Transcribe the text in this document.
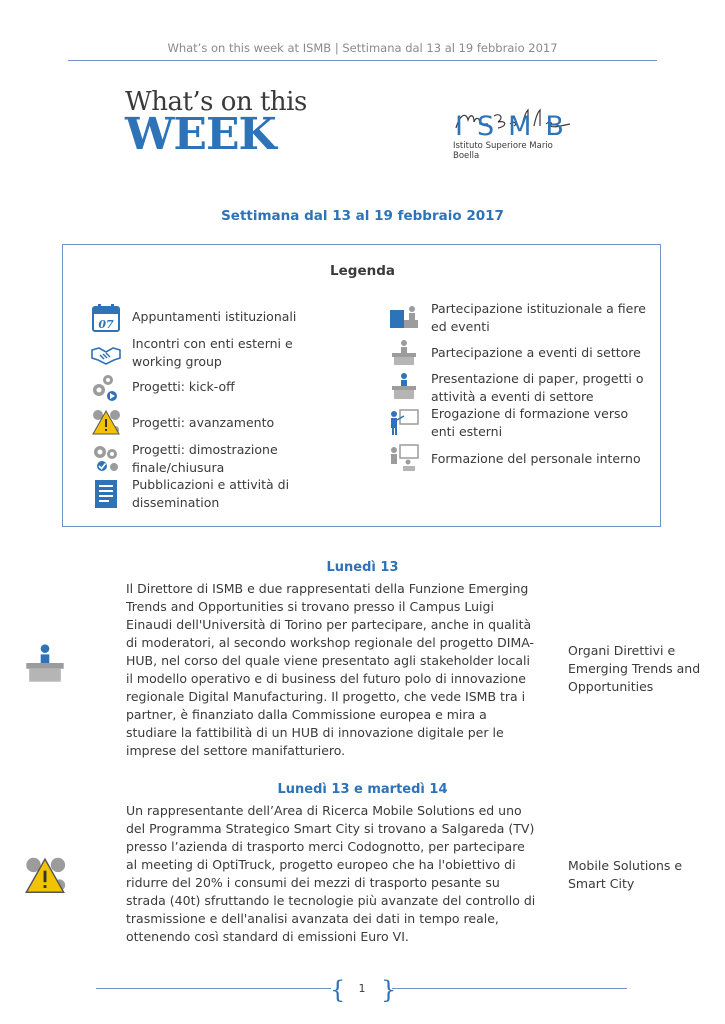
What’s on this week at ISMB | Settimana dal 13 al 19 febbraio 2017
What’s on this
WEEK	ISMB
Istituto Superiore Mario Boella
Settimana dal 13 al 19 febbraio 2017
Legenda
07
Appuntamenti istituzionali
Incontri con enti esterni e working group
Progetti: kick-off
Progetti: avanzamento
Progetti: dimostrazione finale/chiusura
Pubblicazioni e attività di dissemination
Partecipazione istituzionale a fiere ed eventi
Partecipazione a eventi di settore
Presentazione di paper, progetti o attività a eventi di settore
Erogazione di formazione verso enti esterni
Formazione del personale interno
Lunedì 13
Il Direttore di ISMB e due rappresentati della Funzione Emerging Trends and Opportunities si trovano presso il Campus Luigi Einaudi dell'Università di Torino per partecipare, anche in qualità di moderatori, al secondo workshop regionale del progetto DIMA-HUB, nel corso del quale viene presentato agli stakeholder locali il modello operativo e di business del futuro polo di innovazione regionale Digital Manufacturing. Il progetto, che vede ISMB tra i partner, è finanziato dalla Commissione europea e mira a studiare la fattibilità di un HUB di innovazione digitale per le imprese del settore manifatturiero.
Organi Direttivi e Emerging Trends and Opportunities
Lunedì 13 e martedì 14
Un rappresentante dell’Area di Ricerca Mobile Solutions ed uno del Programma Strategico Smart City si trovano a Salgareda (TV) presso l’azienda di trasporto merci Codognotto, per partecipare al meeting di OptiTruck, progetto europeo che ha l'obiettivo di ridurre del 20% i consumi dei mezzi di trasporto pesante su strada (40t) sfruttando le tecnologie più avanzate del controllo di trasmissione e dell'analisi avanzata dei dati in tempo reale, ottenendo così standard di emissioni Euro VI.
Mobile Solutions e Smart City
{ }
1
